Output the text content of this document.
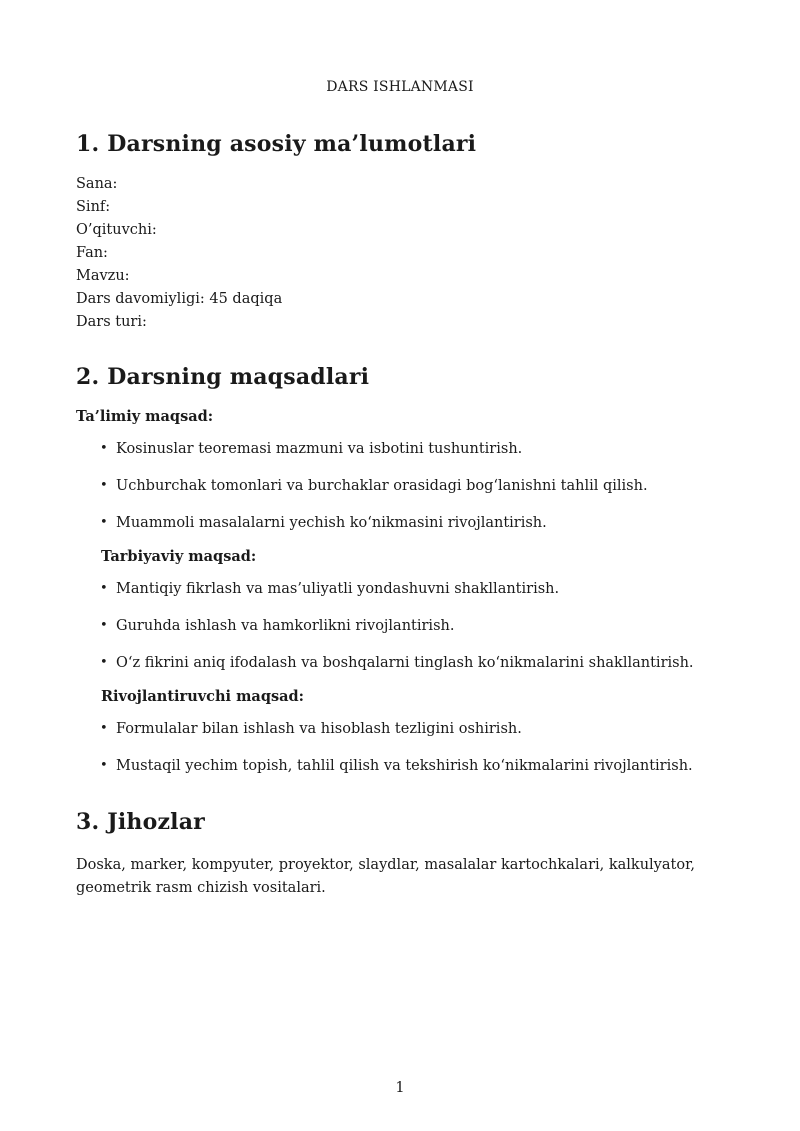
DARS ISHLANMASI
1. Darsning asosiy ma’lumotlari
Sana:
Sinf:
O’qituvchi:
Fan:
Mavzu:
Dars davomiyligi: 45 daqiqa
Dars turi:
2. Darsning maqsadlari
Ta’limiy maqsad:
• Kosinuslar teoremasi mazmuni va isbotini tushuntirish.
• Uchburchak tomonlari va burchaklar orasidagi bog‘lanishni tahlil qilish.
• Muammoli masalalarni yechish ko‘nikmasini rivojlantirish.
Tarbiyaviy maqsad:
• Mantiqiy fikrlash va mas’uliyatli yondashuvni shakllantirish.
• Guruhda ishlash va hamkorlikni rivojlantirish.
• O‘z fikrini aniq ifodalash va boshqalarni tinglash ko‘nikmalarini shakllantirish.
Rivojlantiruvchi maqsad:
• Formulalar bilan ishlash va hisoblash tezligini oshirish.
• Mustaqil yechim topish, tahlil qilish va tekshirish ko‘nikmalarini rivojlantirish.
3. Jihozlar

Doska, marker, kompyuter, proyektor, slaydlar, masalalar kartochkalari, kalkulyator, geometrik rasm chizish vositalari.

1
